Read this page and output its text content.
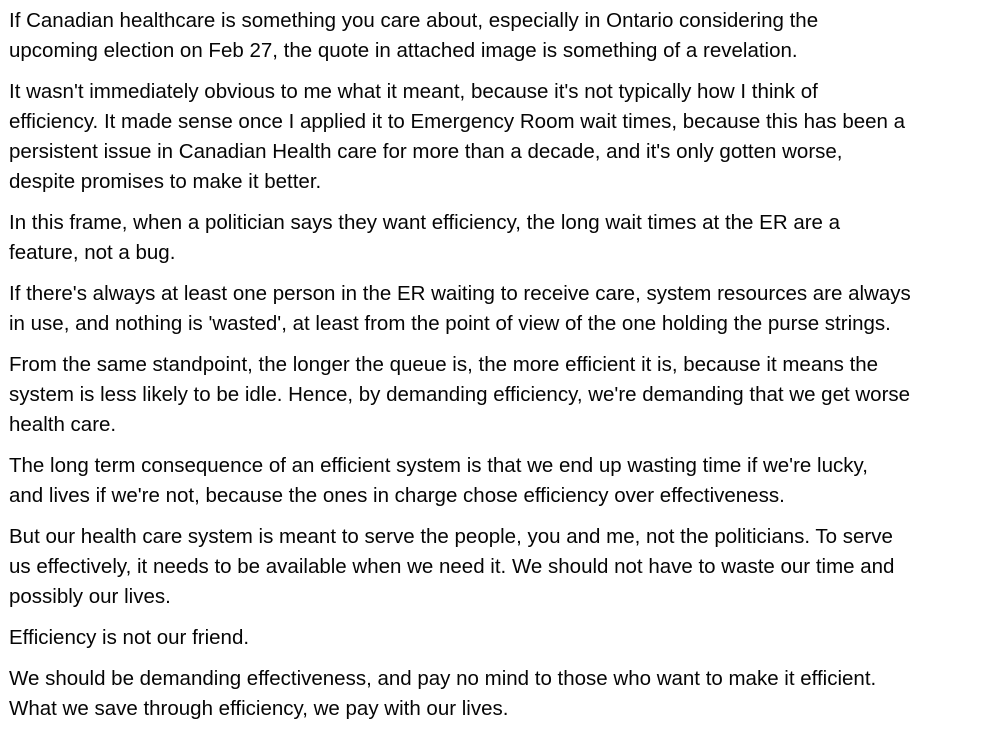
If Canadian healthcare is something you care about, especially in Ontario considering the
upcoming election on Feb 27, the quote in attached image is something of a revelation.

It wasn't immediately obvious to me what it meant, because it's not typically how I think of
efficiency. It made sense once I applied it to Emergency Room wait times, because this has been a
persistent issue in Canadian Health care for more than a decade, and it's only gotten worse,
despite promises to make it better.

In this frame, when a politician says they want efficiency, the long wait times at the ER are a
feature, not a bug.

If there's always at least one person in the ER waiting to receive care, system resources are always
in use, and nothing is 'wasted', at least from the point of view of the one holding the purse strings.

From the same standpoint, the longer the queue is, the more efficient it is, because it means the
system is less likely to be idle. Hence, by demanding efficiency, we're demanding that we get worse
health care.

The long term consequence of an efficient system is that we end up wasting time if we're lucky,
and lives if we're not, because the ones in charge chose efficiency over effectiveness.

But our health care system is meant to serve the people, you and me, not the politicians. To serve
us effectively, it needs to be available when we need it. We should not have to waste our time and
possibly our lives.

Efficiency is not our friend.

We should be demanding effectiveness, and pay no mind to those who want to make it efficient.
What we save through efficiency, we pay with our lives.
